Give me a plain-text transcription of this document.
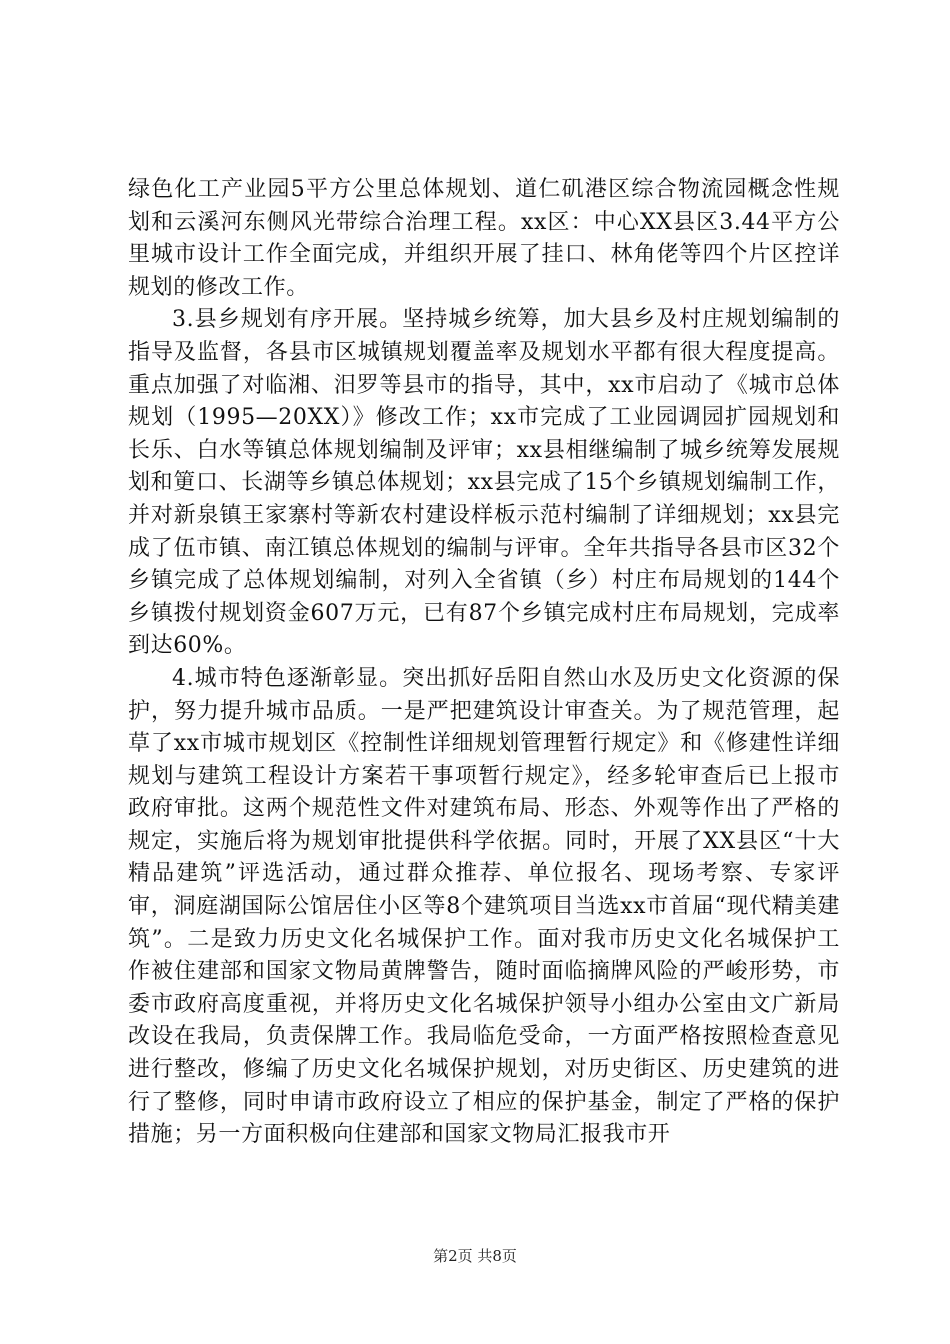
绿色化工产业园5平方公里总体规划、道仁矶港区综合物流园概念性规划和云溪河东侧风光带综合治理工程。xx区：中心XX县区3.44平方公里城市设计工作全面完成，并组织开展了挂口、林角佬等四个片区控详规划的修改工作。

3.县乡规划有序开展。坚持城乡统筹，加大县乡及村庄规划编制的指导及监督，各县市区城镇规划覆盖率及规划水平都有很大程度提高。重点加强了对临湘、汨罗等县市的指导，其中，xx市启动了《城市总体规划（1995—20XX）》修改工作；xx市完成了工业园调园扩园规划和长乐、白水等镇总体规划编制及评审；xx县相继编制了城乡统筹发展规划和筻口、长湖等乡镇总体规划；xx县完成了15个乡镇规划编制工作，并对新泉镇王家寨村等新农村建设样板示范村编制了详细规划；xx县完成了伍市镇、南江镇总体规划的编制与评审。全年共指导各县市区32个乡镇完成了总体规划编制，对列入全省镇（乡）村庄布局规划的144个乡镇拨付规划资金607万元，已有87个乡镇完成村庄布局规划，完成率到达60%。

4.城市特色逐渐彰显。突出抓好岳阳自然山水及历史文化资源的保护，努力提升城市品质。一是严把建筑设计审查关。为了规范管理，起草了xx市城市规划区《控制性详细规划管理暂行规定》和《修建性详细规划与建筑工程设计方案若干事项暂行规定》，经多轮审查后已上报市政府审批。这两个规范性文件对建筑布局、形态、外观等作出了严格的规定，实施后将为规划审批提供科学依据。同时，开展了XX县区“十大精品建筑”评选活动，通过群众推荐、单位报名、现场考察、专家评审，洞庭湖国际公馆居住小区等8个建筑项目当选xx市首届“现代精美建筑”。二是致力历史文化名城保护工作。面对我市历史文化名城保护工作被住建部和国家文物局黄牌警告，随时面临摘牌风险的严峻形势，市委市政府高度重视，并将历史文化名城保护领导小组办公室由文广新局改设在我局，负责保牌工作。我局临危受命，一方面严格按照检查意见进行整改，修编了历史文化名城保护规划，对历史街区、历史建筑的进行了整修，同时申请市政府设立了相应的保护基金，制定了严格的保护措施；另一方面积极向住建部和国家文物局汇报我市开

第2页 共8页
